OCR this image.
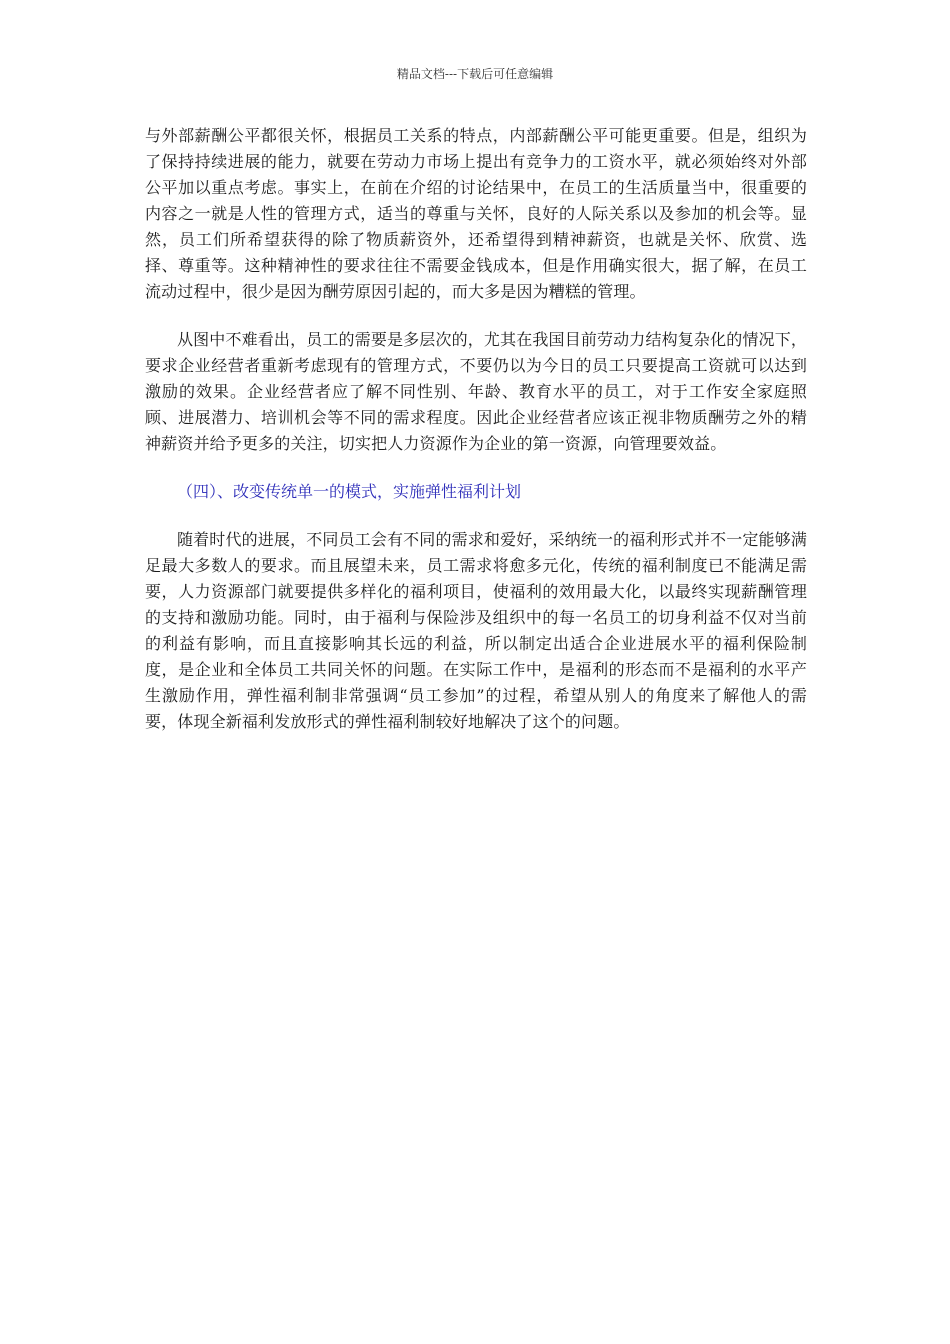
精品文档---下载后可任意编辑

与外部薪酬公平都很关怀，根据员工关系的特点，内部薪酬公平可能更重要。但是，组织为了保持持续进展的能力，就要在劳动力市场上提出有竞争力的工资水平，就必须始终对外部公平加以重点考虑。事实上，在前在介绍的讨论结果中，在员工的生活质量当中，很重要的内容之一就是人性的管理方式，适当的尊重与关怀，良好的人际关系以及参加的机会等。显然，员工们所希望获得的除了物质薪资外，还希望得到精神薪资，也就是关怀、欣赏、选择、尊重等。这种精神性的要求往往不需要金钱成本，但是作用确实很大，据了解，在员工流动过程中，很少是因为酬劳原因引起的，而大多是因为糟糕的管理。

从图中不难看出，员工的需要是多层次的，尤其在我国目前劳动力结构复杂化的情况下，要求企业经营者重新考虑现有的管理方式，不要仍以为今日的员工只要提高工资就可以达到激励的效果。企业经营者应了解不同性别、年龄、教育水平的员工，对于工作安全家庭照顾、进展潜力、培训机会等不同的需求程度。因此企业经营者应该正视非物质酬劳之外的精神薪资并给予更多的关注，切实把人力资源作为企业的第一资源，向管理要效益。

（四）、改变传统单一的模式，实施弹性福利计划

随着时代的进展，不同员工会有不同的需求和爱好，采纳统一的福利形式并不一定能够满足最大多数人的要求。而且展望未来，员工需求将愈多元化，传统的福利制度已不能满足需要，人力资源部门就要提供多样化的福利项目，使福利的效用最大化，以最终实现薪酬管理的支持和激励功能。同时，由于福利与保险涉及组织中的每一名员工的切身利益不仅对当前的利益有影响，而且直接影响其长远的利益，所以制定出适合企业进展水平的福利保险制度，是企业和全体员工共同关怀的问题。在实际工作中，是福利的形态而不是福利的水平产生激励作用，弹性福利制非常强调“员工参加”的过程，希望从别人的角度来了解他人的需要，体现全新福利发放形式的弹性福利制较好地解决了这个的问题。
